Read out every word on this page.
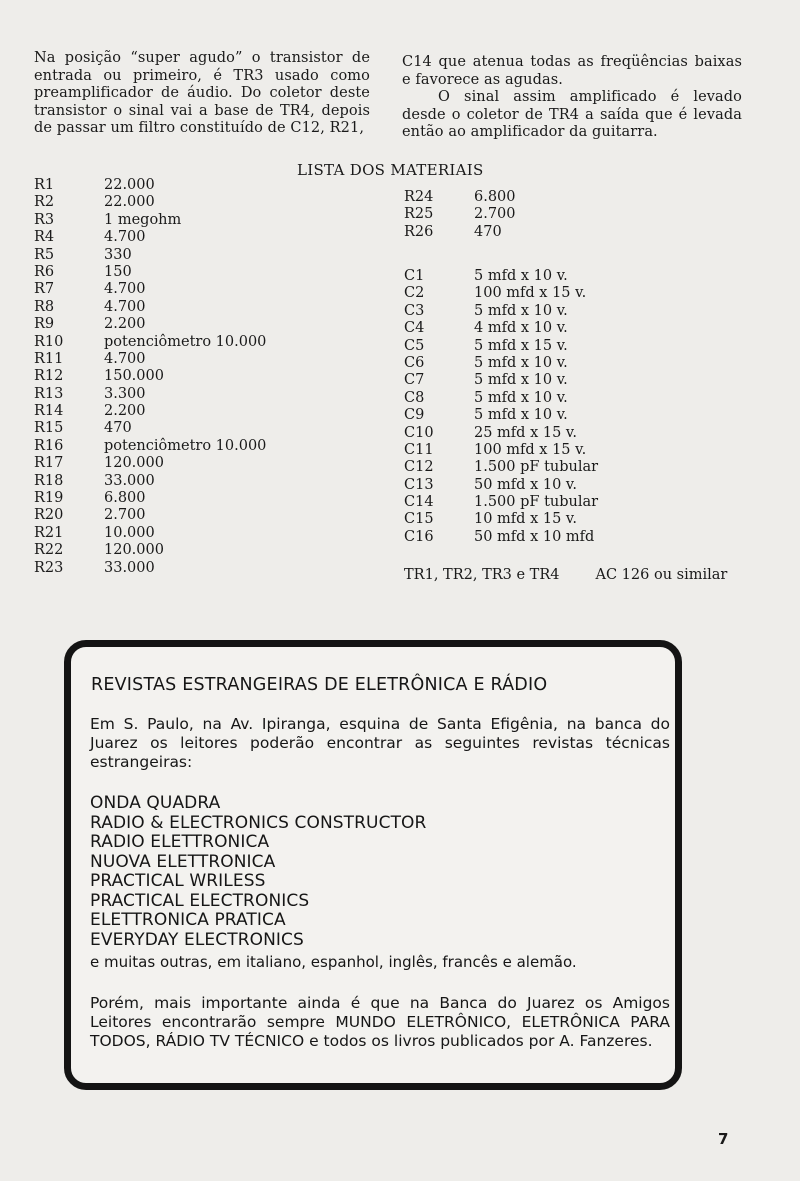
Na posição “super agudo” o transistor de entrada ou primeiro, é TR3 usado como preamplificador de áudio. Do coletor deste transistor o sinal vai a base de TR4, depois de passar um filtro constituído de C12, R21,
C14 que atenua todas as freqüências baixas e favorece as agudas.
O sinal assim amplificado é levado desde o coletor de TR4 a saída que é levada então ao amplificador da guitarra.
LISTA DOS MATERIAIS
R1	22.000
R2	22.000
R3	1 megohm
R4	4.700
R5	330
R6	150
R7	4.700
R8	4.700
R9	2.200
R10	potenciômetro 10.000
R11	4.700
R12	150.000
R13	3.300
R14	2.200
R15	470
R16	potenciômetro 10.000
R17	120.000
R18	33.000
R19	6.800
R20	2.700
R21	10.000
R22	120.000
R23	33.000
R24	6.800
R25	2.700
R26	470
C1	5 mfd x 10 v.
C2	100 mfd x 15 v.
C3	5 mfd x 10 v.
C4	4 mfd x 10 v.
C5	5 mfd x 15 v.
C6	5 mfd x 10 v.
C7	5 mfd x 10 v.
C8	5 mfd x 10 v.
C9	5 mfd x 10 v.
C10	25 mfd x 15 v.
C11	100 mfd x 15 v.
C12	1.500 pF tubular
C13	50 mfd x 10 v.
C14	1.500 pF tubular
C15	10 mfd x 15 v.
C16	50 mfd x 10 mfd
TR1, TR2, TR3 e TR4 AC 126 ou similar
REVISTAS ESTRANGEIRAS DE ELETRÔNICA E RÁDIO
Em S. Paulo, na Av. Ipiranga, esquina de Santa Efigênia, na banca do Juarez os leitores poderão encontrar as seguintes revistas técnicas estrangeiras:
ONDA QUADRA
RADIO & ELECTRONICS CONSTRUCTOR
RADIO ELETTRONICA
NUOVA ELETTRONICA
PRACTICAL WRILESS
PRACTICAL ELECTRONICS
ELETTRONICA PRATICA
EVERYDAY ELECTRONICS
e muitas outras, em italiano, espanhol, inglês, francês e alemão.
Porém, mais importante ainda é que na Banca do Juarez os Amigos Leitores encontrarão sempre MUNDO ELETRÔNICO, ELETRÔNICA PARA TODOS, RÁDIO TV TÉCNICO e todos os livros publicados por A. Fanzeres.
7
